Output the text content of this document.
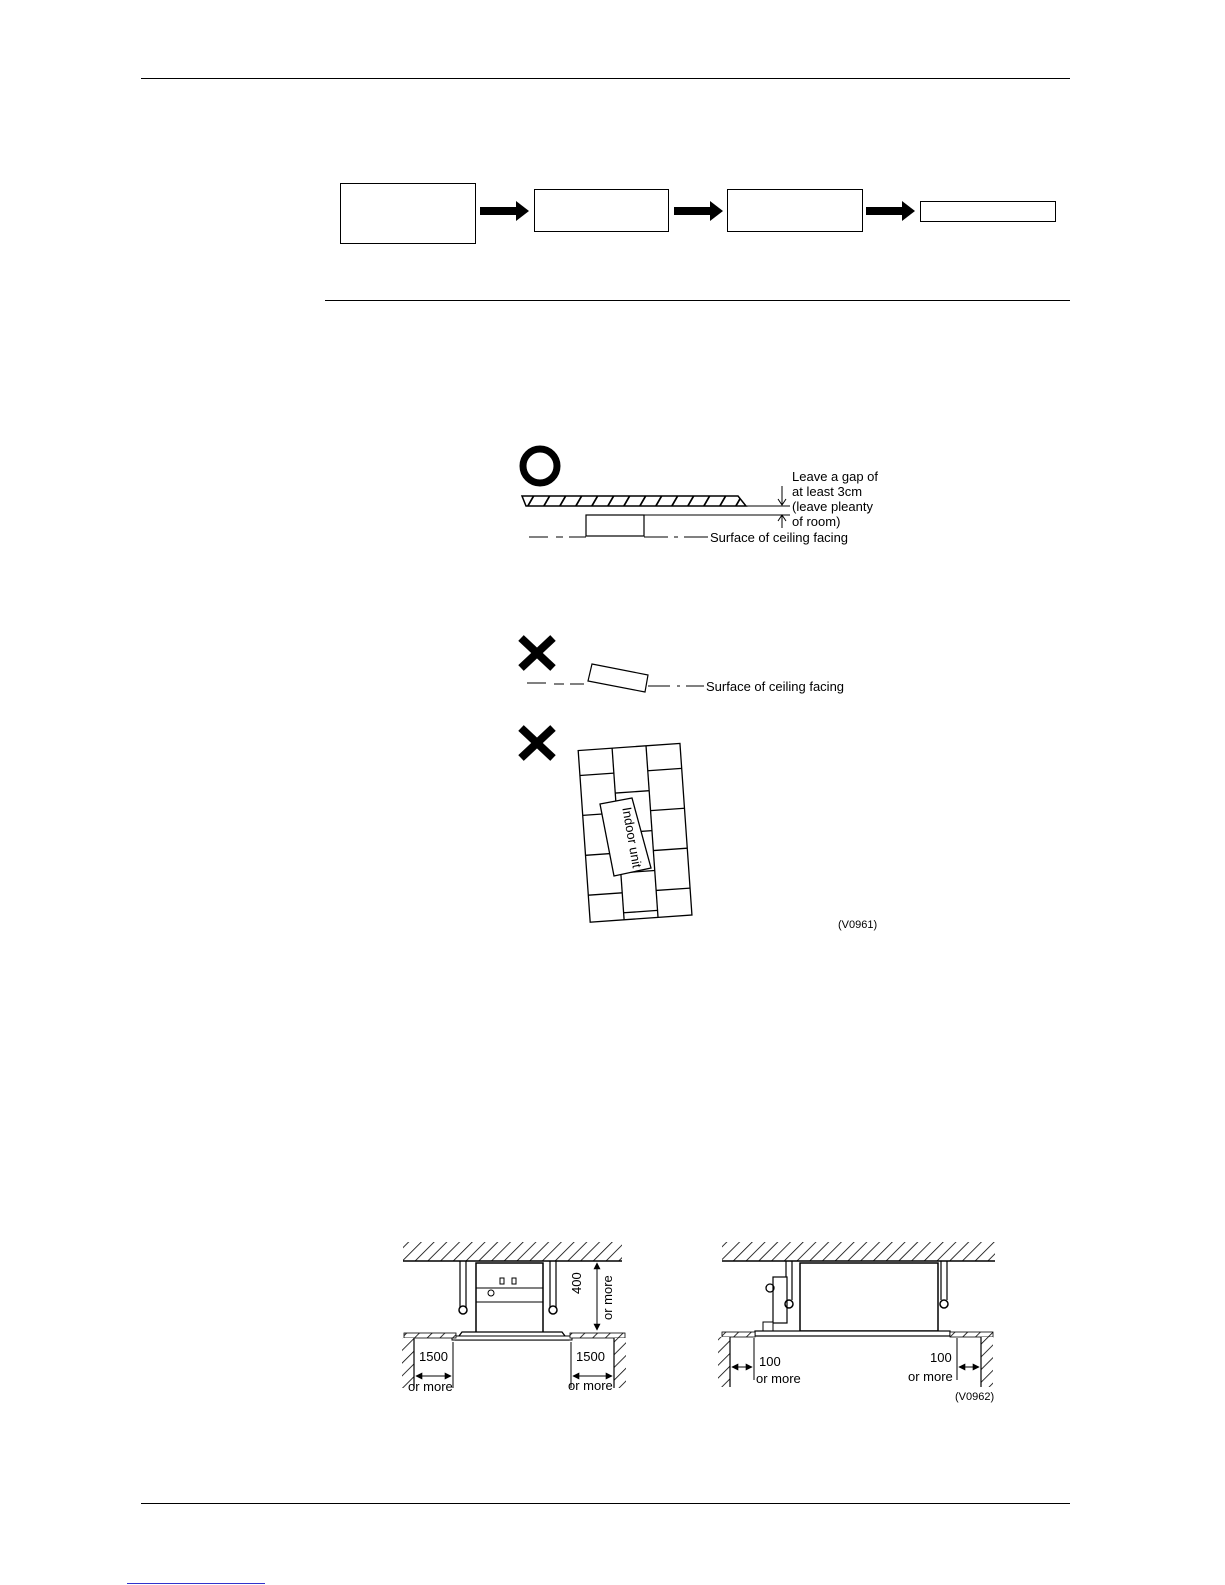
Leave a gap of
at least 3cm
(leave pleanty
of room)
Surface of ceiling facing
Surface of ceiling facing
Indoor unit
(V0961)
1500
or more
1500
or more
400 or more
100
or more
100
or more
(V0962)
